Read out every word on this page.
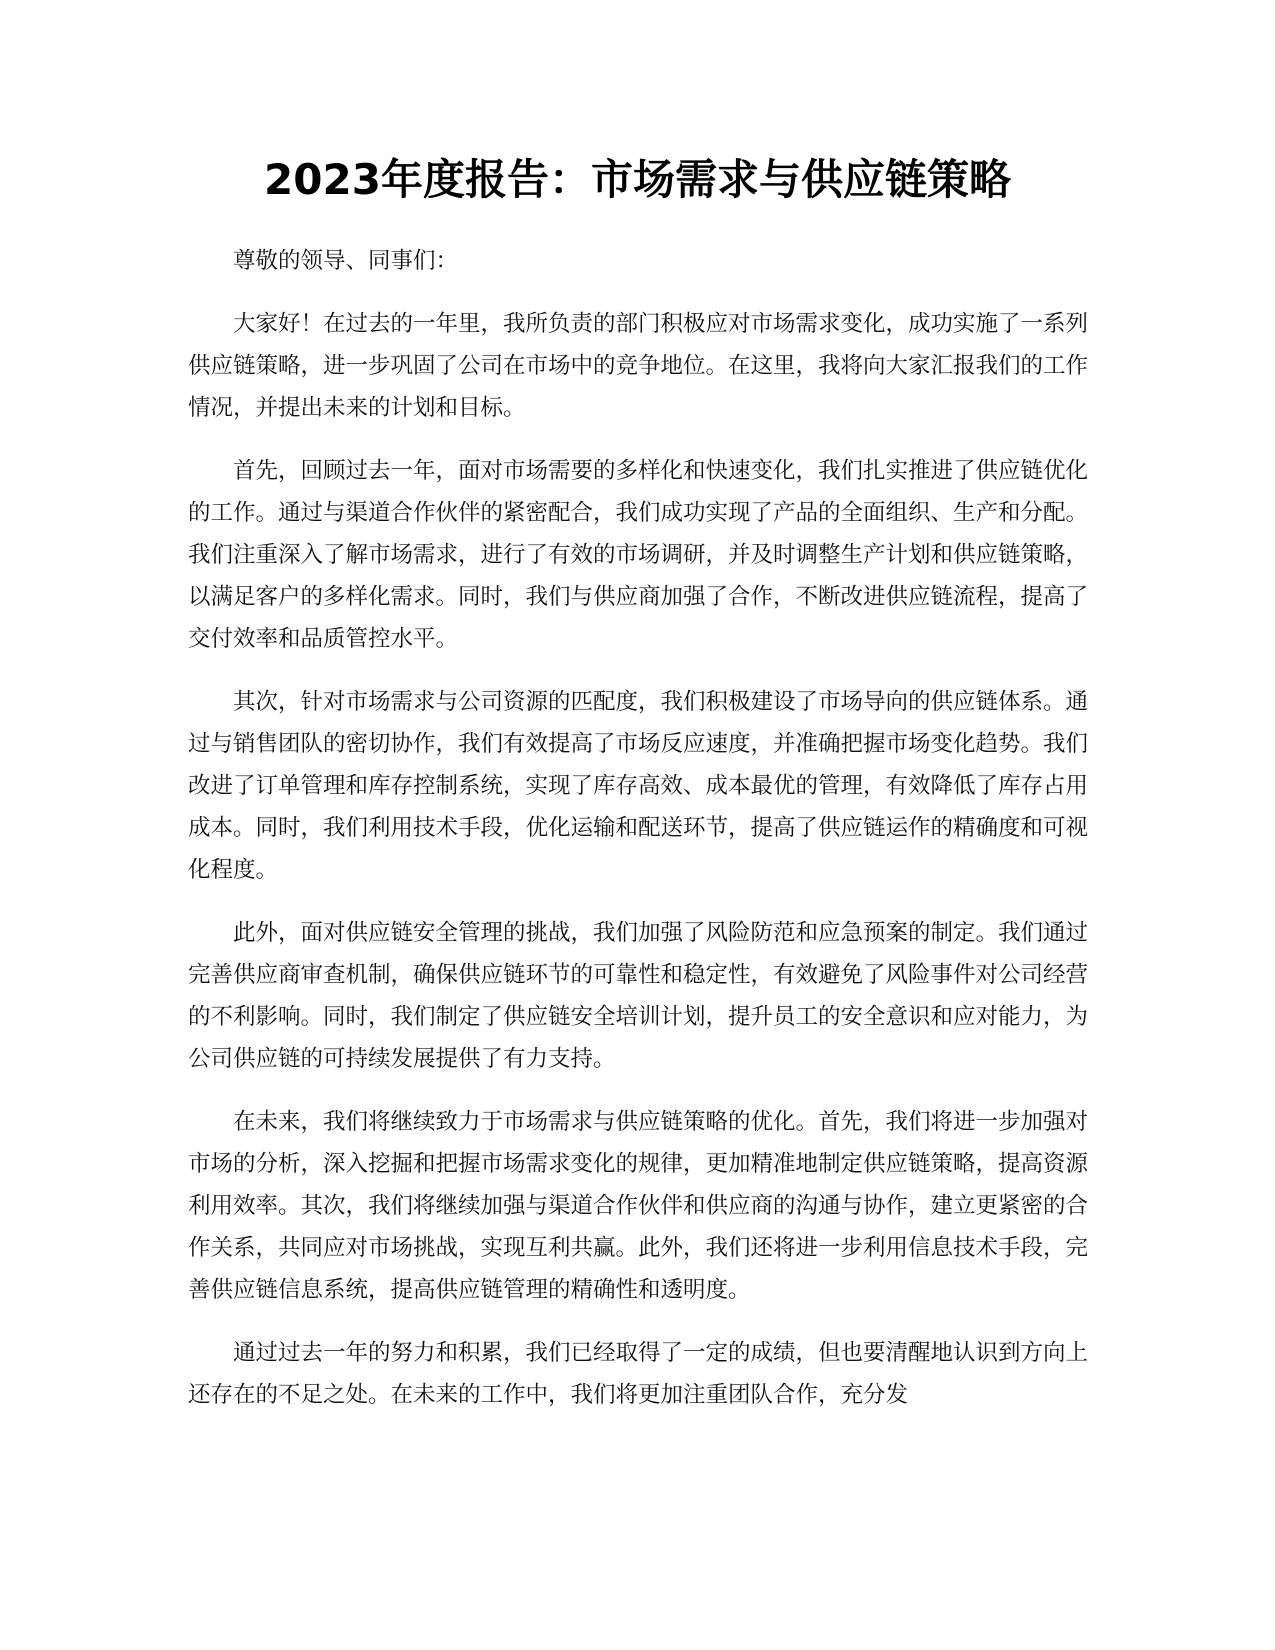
2023年度报告：市场需求与供应链策略

尊敬的领导、同事们：

大家好！在过去的一年里，我所负责的部门积极应对市场需求变化，成功实施了一系列供应链策略，进一步巩固了公司在市场中的竞争地位。在这里，我将向大家汇报我们的工作情况，并提出未来的计划和目标。

首先，回顾过去一年，面对市场需要的多样化和快速变化，我们扎实推进了供应链优化的工作。通过与渠道合作伙伴的紧密配合，我们成功实现了产品的全面组织、生产和分配。我们注重深入了解市场需求，进行了有效的市场调研，并及时调整生产计划和供应链策略，以满足客户的多样化需求。同时，我们与供应商加强了合作，不断改进供应链流程，提高了交付效率和品质管控水平。

其次，针对市场需求与公司资源的匹配度，我们积极建设了市场导向的供应链体系。通过与销售团队的密切协作，我们有效提高了市场反应速度，并准确把握市场变化趋势。我们改进了订单管理和库存控制系统，实现了库存高效、成本最优的管理，有效降低了库存占用成本。同时，我们利用技术手段，优化运输和配送环节，提高了供应链运作的精确度和可视化程度。

此外，面对供应链安全管理的挑战，我们加强了风险防范和应急预案的制定。我们通过完善供应商审查机制，确保供应链环节的可靠性和稳定性，有效避免了风险事件对公司经营的不利影响。同时，我们制定了供应链安全培训计划，提升员工的安全意识和应对能力，为公司供应链的可持续发展提供了有力支持。

在未来，我们将继续致力于市场需求与供应链策略的优化。首先，我们将进一步加强对市场的分析，深入挖掘和把握市场需求变化的规律，更加精准地制定供应链策略，提高资源利用效率。其次，我们将继续加强与渠道合作伙伴和供应商的沟通与协作，建立更紧密的合作关系，共同应对市场挑战，实现互利共赢。此外，我们还将进一步利用信息技术手段，完善供应链信息系统，提高供应链管理的精确性和透明度。

通过过去一年的努力和积累，我们已经取得了一定的成绩，但也要清醒地认识到方向上还存在的不足之处。在未来的工作中，我们将更加注重团队合作，充分发
